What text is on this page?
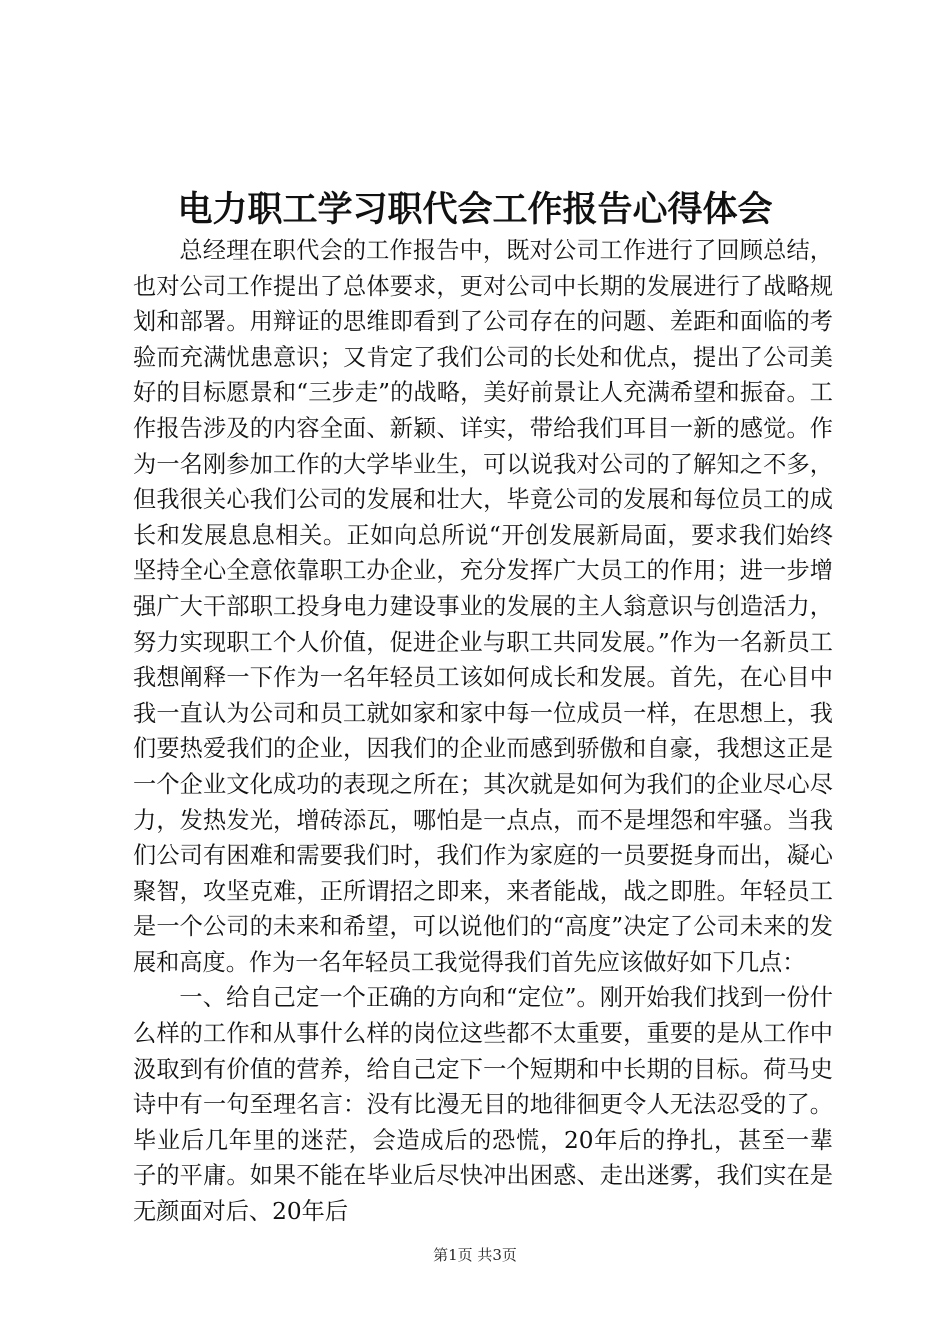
电力职工学习职代会工作报告心得体会

总经理在职代会的工作报告中，既对公司工作进行了回顾总结，也对公司工作提出了总体要求，更对公司中长期的发展进行了战略规划和部署。用辩证的思维即看到了公司存在的问题、差距和面临的考验而充满忧患意识；又肯定了我们公司的长处和优点，提出了公司美好的目标愿景和“三步走”的战略，美好前景让人充满希望和振奋。工作报告涉及的内容全面、新颖、详实，带给我们耳目一新的感觉。作为一名刚参加工作的大学毕业生，可以说我对公司的了解知之不多，但我很关心我们公司的发展和壮大，毕竟公司的发展和每位员工的成长和发展息息相关。正如向总所说“开创发展新局面，要求我们始终坚持全心全意依靠职工办企业，充分发挥广大员工的作用；进一步增强广大干部职工投身电力建设事业的发展的主人翁意识与创造活力，努力实现职工个人价值，促进企业与职工共同发展。”作为一名新员工我想阐释一下作为一名年轻员工该如何成长和发展。首先，在心目中我一直认为公司和员工就如家和家中每一位成员一样，在思想上，我们要热爱我们的企业，因我们的企业而感到骄傲和自豪，我想这正是一个企业文化成功的表现之所在；其次就是如何为我们的企业尽心尽力，发热发光，增砖添瓦，哪怕是一点点，而不是埋怨和牢骚。当我们公司有困难和需要我们时，我们作为家庭的一员要挺身而出，凝心聚智，攻坚克难，正所谓招之即来，来者能战，战之即胜。年轻员工是一个公司的未来和希望，可以说他们的“高度”决定了公司未来的发展和高度。作为一名年轻员工我觉得我们首先应该做好如下几点：

一、给自己定一个正确的方向和“定位”。刚开始我们找到一份什么样的工作和从事什么样的岗位这些都不太重要，重要的是从工作中汲取到有价值的营养，给自己定下一个短期和中长期的目标。荷马史诗中有一句至理名言：没有比漫无目的地徘徊更令人无法忍受的了。毕业后几年里的迷茫，会造成后的恐慌，20年后的挣扎，甚至一辈子的平庸。如果不能在毕业后尽快冲出困惑、走出迷雾，我们实在是无颜面对后、20年后

第1页 共3页
